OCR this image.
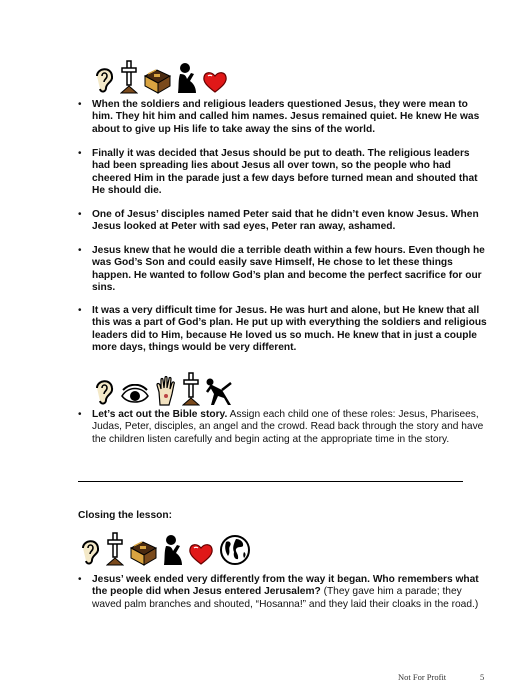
• When the soldiers and religious leaders questioned Jesus, they were mean to him. They hit him and called him names. Jesus remained quiet. He knew He was about to give up His life to take away the sins of the world.
• Finally it was decided that Jesus should be put to death. The religious leaders had been spreading lies about Jesus all over town, so the people who had cheered Him in the parade just a few days before turned mean and shouted that He should die.
• One of Jesus’ disciples named Peter said that he didn’t even know Jesus. When Jesus looked at Peter with sad eyes, Peter ran away, ashamed.
• Jesus knew that he would die a terrible death within a few hours. Even though he was God’s Son and could easily save Himself, He chose to let these things happen. He wanted to follow God’s plan and become the perfect sacrifice for our sins.
• It was a very difficult time for Jesus. He was hurt and alone, but He knew that all this was a part of God’s plan. He put up with everything the soldiers and religious leaders did to Him, because He loved us so much. He knew that in just a couple more days, things would be very different.
• Let’s act out the Bible story. Assign each child one of these roles: Jesus, Pharisees, Judas, Peter, disciples, an angel and the crowd. Read back through the story and have the children listen carefully and begin acting at the appropriate time in the story.
Closing the lesson:
•	Jesus’ week ended very differently from the way it began. Who remembers what the people did when Jesus entered Jerusalem? (They gave him a parade; they waved palm branches and shouted, “Hosanna!” and they laid their cloaks in the road.)
Not For Profit	5
